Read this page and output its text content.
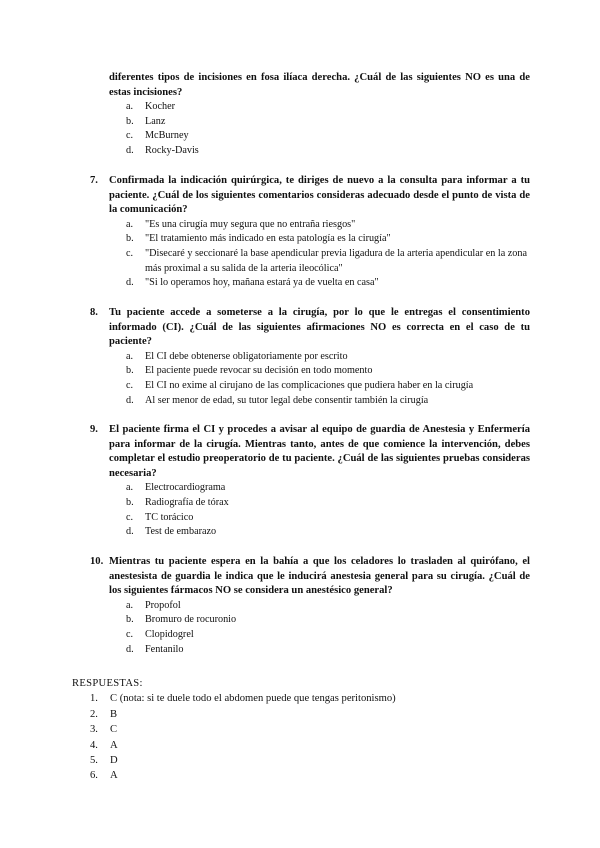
diferentes tipos de incisiones en fosa ilíaca derecha. ¿Cuál de las siguientes NO es una de estas incisiones?
a. Kocher
b. Lanz
c. McBurney
d. Rocky-Davis
7. Confirmada la indicación quirúrgica, te diriges de nuevo a la consulta para informar a tu paciente. ¿Cuál de los siguientes comentarios consideras adecuado desde el punto de vista de la comunicación?
a. "Es una cirugía muy segura que no entraña riesgos"
b. "El tratamiento más indicado en esta patología es la cirugía"
c. "Disecaré y seccionaré la base apendicular previa ligadura de la arteria apendicular en la zona más proximal a su salida de la arteria ileocólica"
d. "Si lo operamos hoy, mañana estará ya de vuelta en casa"
8. Tu paciente accede a someterse a la cirugía, por lo que le entregas el consentimiento informado (CI). ¿Cuál de las siguientes afirmaciones NO es correcta en el caso de tu paciente?
a. El CI debe obtenerse obligatoriamente por escrito
b. El paciente puede revocar su decisión en todo momento
c. El CI no exime al cirujano de las complicaciones que pudiera haber en la cirugía
d. Al ser menor de edad, su tutor legal debe consentir también la cirugía
9. El paciente firma el CI y procedes a avisar al equipo de guardia de Anestesia y Enfermería para informar de la cirugía. Mientras tanto, antes de que comience la intervención, debes completar el estudio preoperatorio de tu paciente. ¿Cuál de las siguientes pruebas consideras necesaria?
a. Electrocardiograma
b. Radiografía de tórax
c. TC torácico
d. Test de embarazo
10. Mientras tu paciente espera en la bahía a que los celadores lo trasladen al quirófano, el anestesista de guardia le indica que le inducirá anestesia general para su cirugía. ¿Cuál de los siguientes fármacos NO se considera un anestésico general?
a. Propofol
b. Bromuro de rocuronio
c. Clopidogrel
d. Fentanilo
RESPUESTAS:
1. C (nota: si te duele todo el abdomen puede que tengas peritonismo)
2. B
3. C
4. A
5. D
6. A
